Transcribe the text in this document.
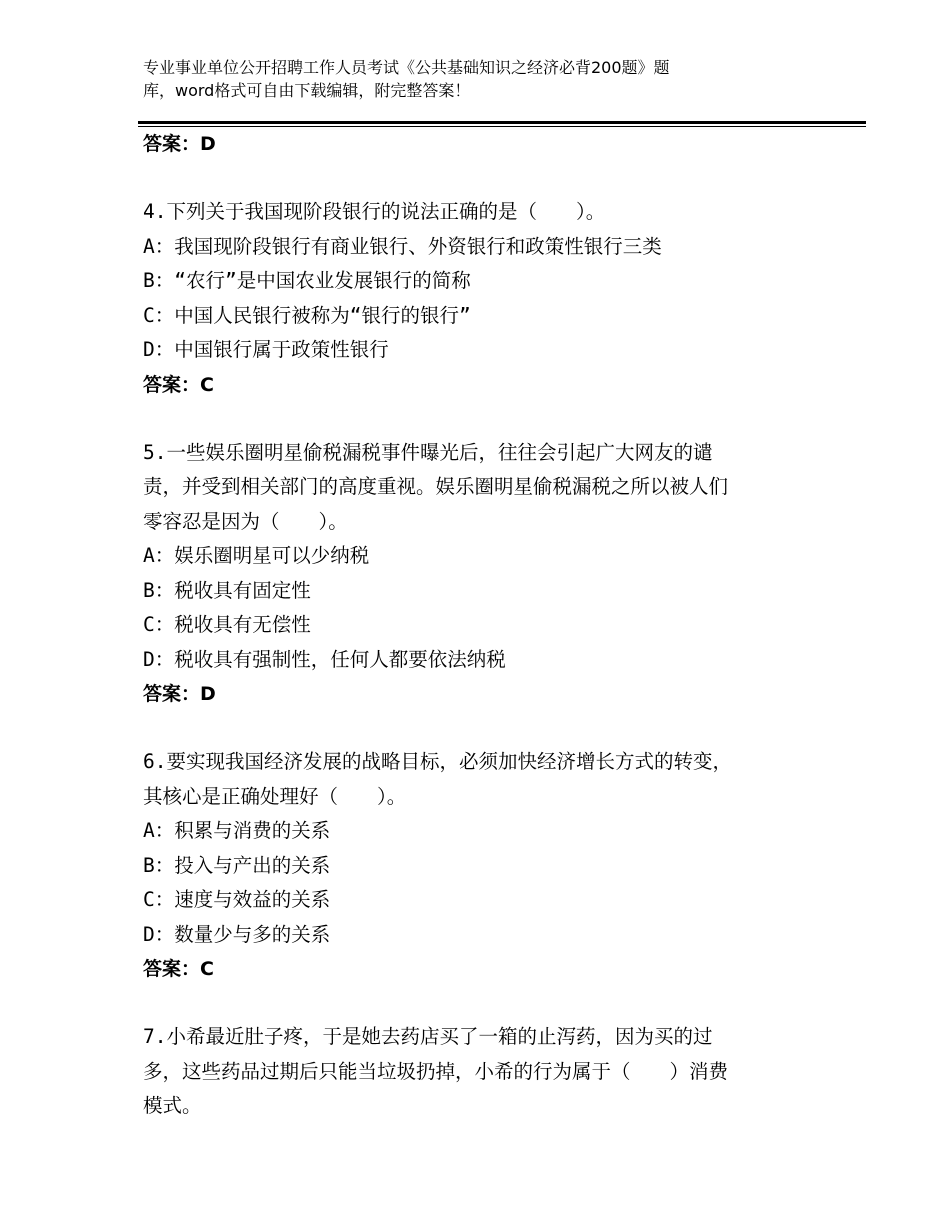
专业事业单位公开招聘工作人员考试《公共基础知识之经济必背200题》题
库，word格式可自由下载编辑，附完整答案！
答案：D
4.下列关于我国现阶段银行的说法正确的是（　　）。
A：我国现阶段银行有商业银行、外资银行和政策性银行三类
B：“农行”是中国农业发展银行的简称
C：中国人民银行被称为“银行的银行”
D：中国银行属于政策性银行
答案：C
5.一些娱乐圈明星偷税漏税事件曝光后，往往会引起广大网友的谴
责，并受到相关部门的高度重视。娱乐圈明星偷税漏税之所以被人们
零容忍是因为（　　）。
A：娱乐圈明星可以少纳税
B：税收具有固定性
C：税收具有无偿性
D：税收具有强制性，任何人都要依法纳税
答案：D
6.要实现我国经济发展的战略目标，必须加快经济增长方式的转变，
其核心是正确处理好（　　）。
A：积累与消费的关系
B：投入与产出的关系
C：速度与效益的关系
D：数量少与多的关系
答案：C
7.小希最近肚子疼，于是她去药店买了一箱的止泻药，因为买的过
多，这些药品过期后只能当垃圾扔掉，小希的行为属于（　　）消费
模式。
